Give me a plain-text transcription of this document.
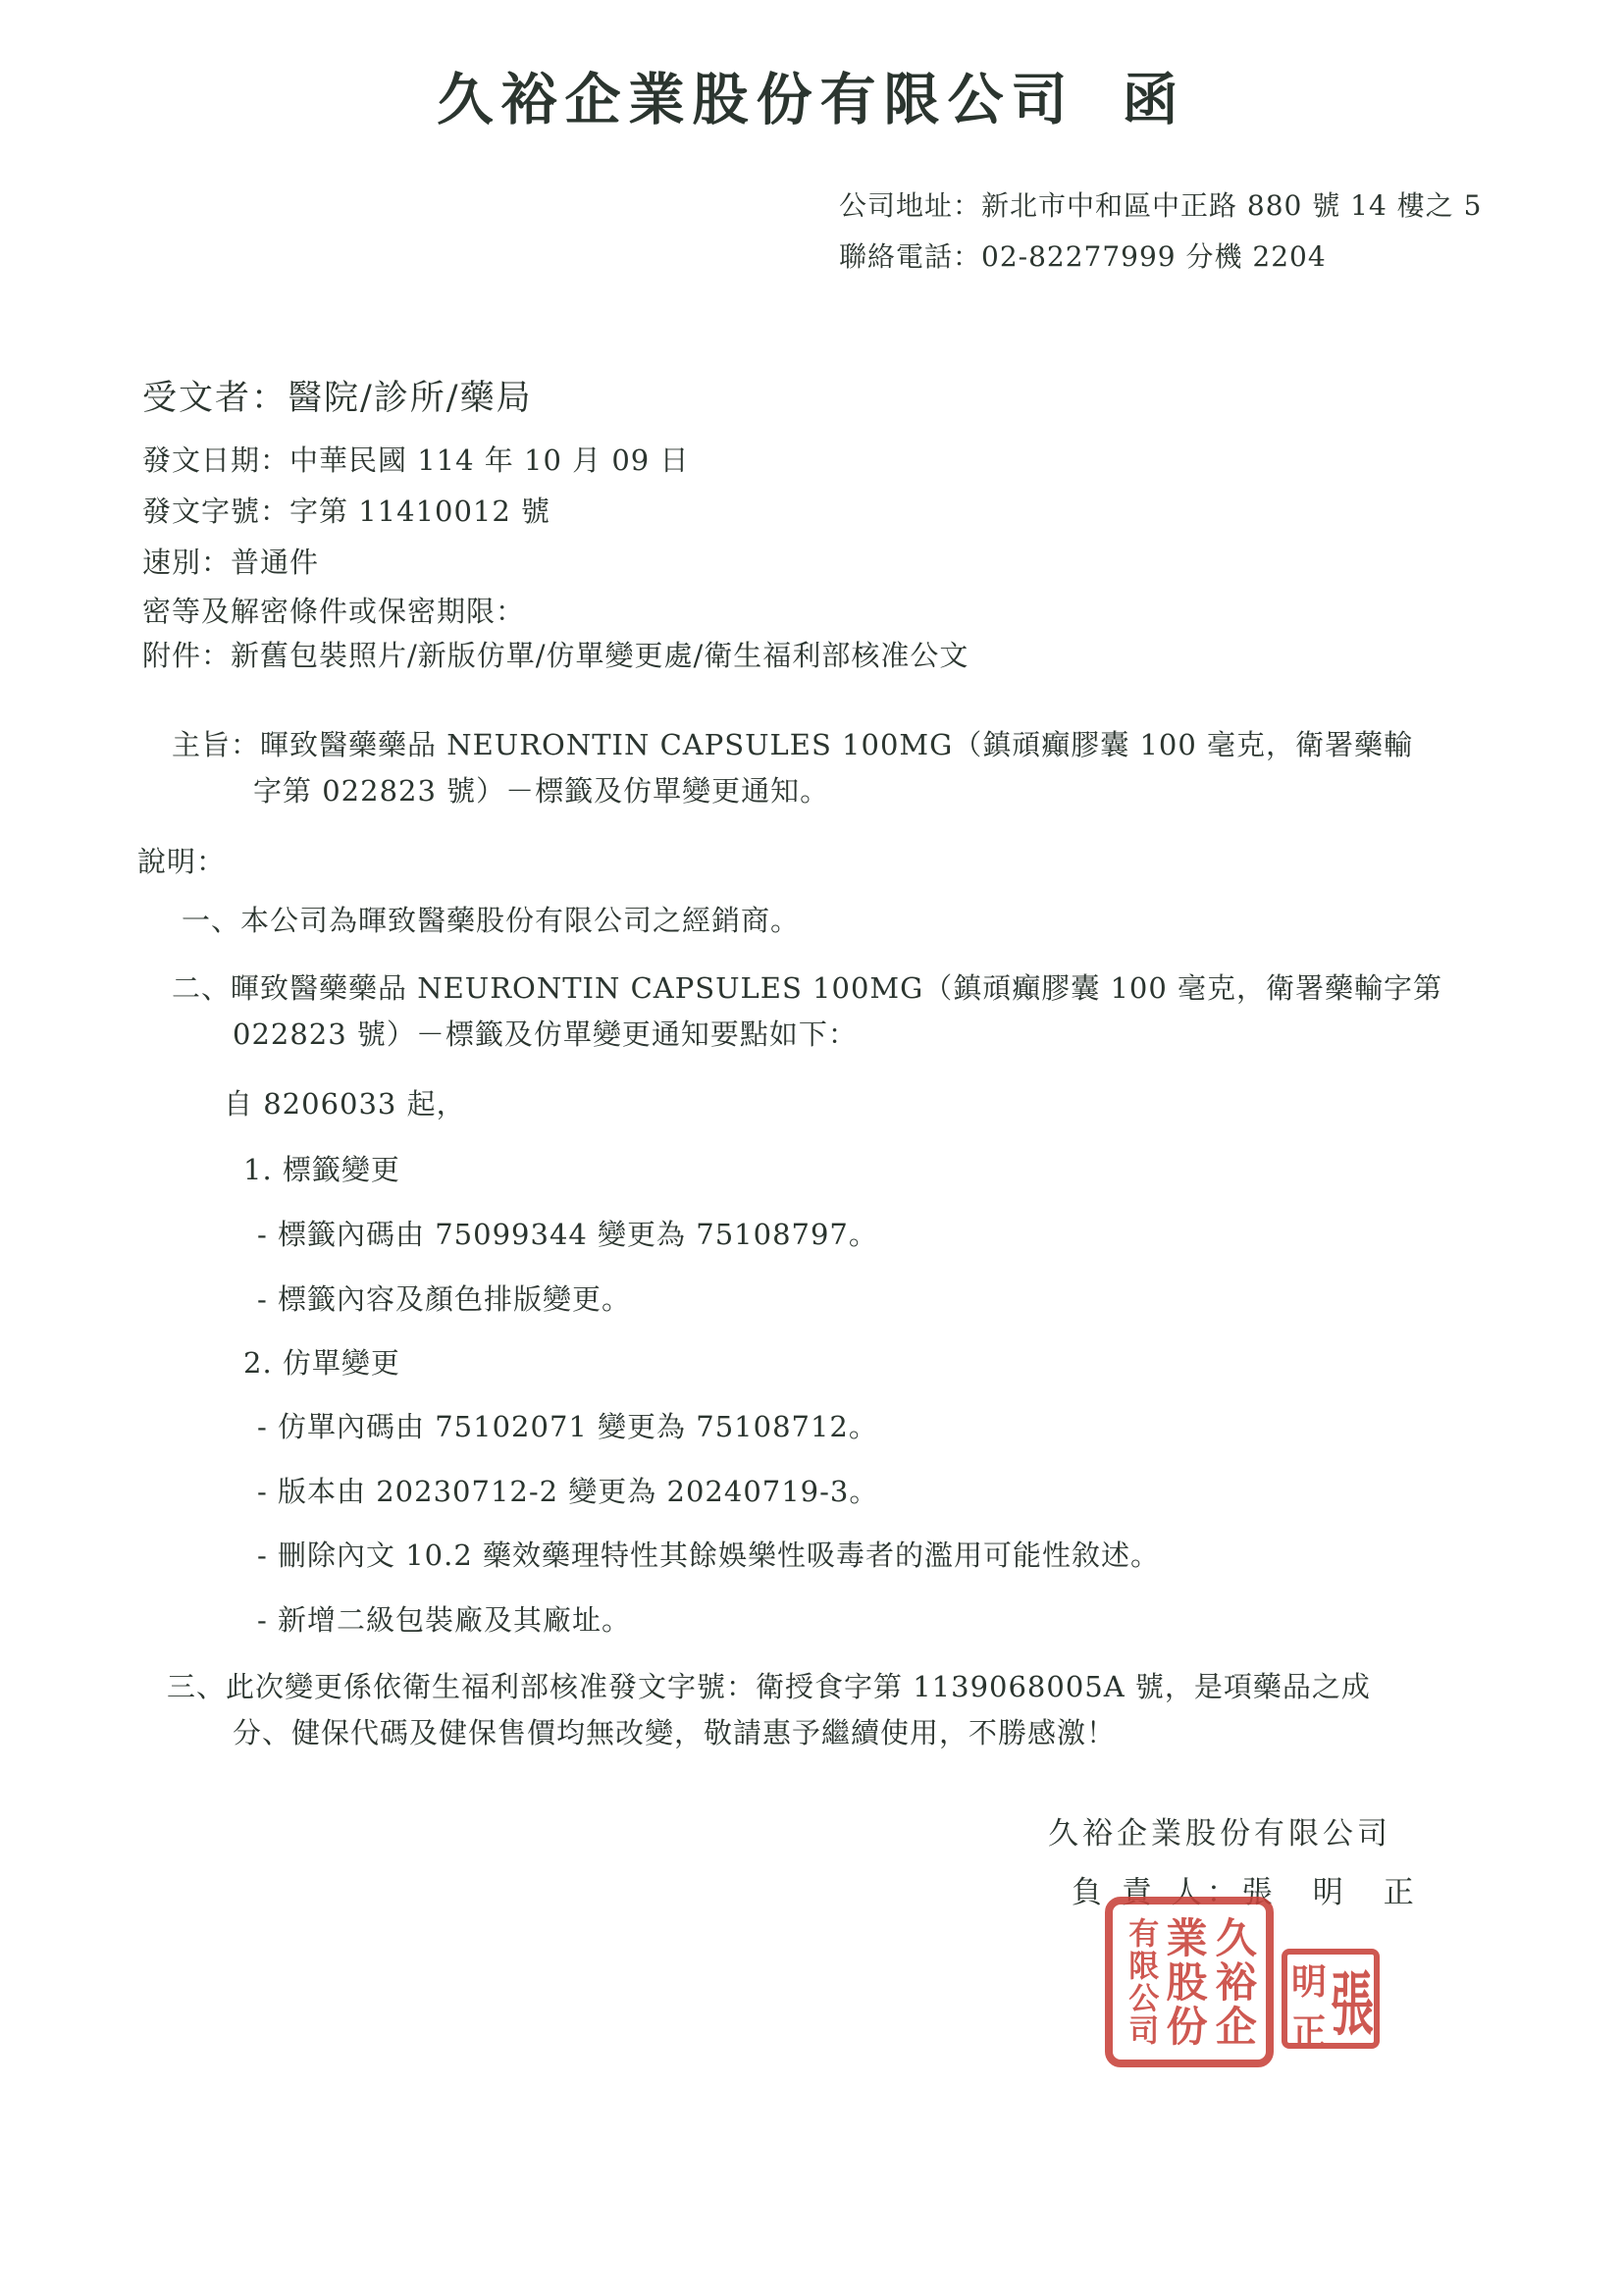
久裕企業股份有限公司 函
公司地址：新北市中和區中正路 880 號 14 樓之 5
聯絡電話：02-82277999 分機 2204
受文者：醫院/診所/藥局
發文日期：中華民國 114 年 10 月 09 日
發文字號：字第 11410012 號
速別：普通件
密等及解密條件或保密期限：
附件：新舊包裝照片/新版仿單/仿單變更處/衛生福利部核准公文
主旨：暉致醫藥藥品 NEURONTIN CAPSULES 100MG（鎮頑癲膠囊 100 毫克，衛署藥輸
字第 022823 號）－標籤及仿單變更通知。
說明：
一、本公司為暉致醫藥股份有限公司之經銷商。
二、暉致醫藥藥品 NEURONTIN CAPSULES 100MG（鎮頑癲膠囊 100 毫克，衛署藥輸字第
022823 號）－標籤及仿單變更通知要點如下：
自 8206033 起，
1. 標籤變更
- 標籤內碼由 75099344 變更為 75108797。
- 標籤內容及顏色排版變更。
2. 仿單變更
- 仿單內碼由 75102071 變更為 75108712。
- 版本由 20230712-2 變更為 20240719-3。
- 刪除內文 10.2 藥效藥理特性其餘娛樂性吸毒者的濫用可能性敘述。
- 新增二級包裝廠及其廠址。
三、此次變更係依衛生福利部核准發文字號：衛授食字第 1139068005A 號，是項藥品之成
分、健保代碼及健保售價均無改變，敬請惠予繼續使用，不勝感激！
久裕企業股份有限公司
負 責 人：張　明　正
久裕企
業股份
有限公司	張
明
正
